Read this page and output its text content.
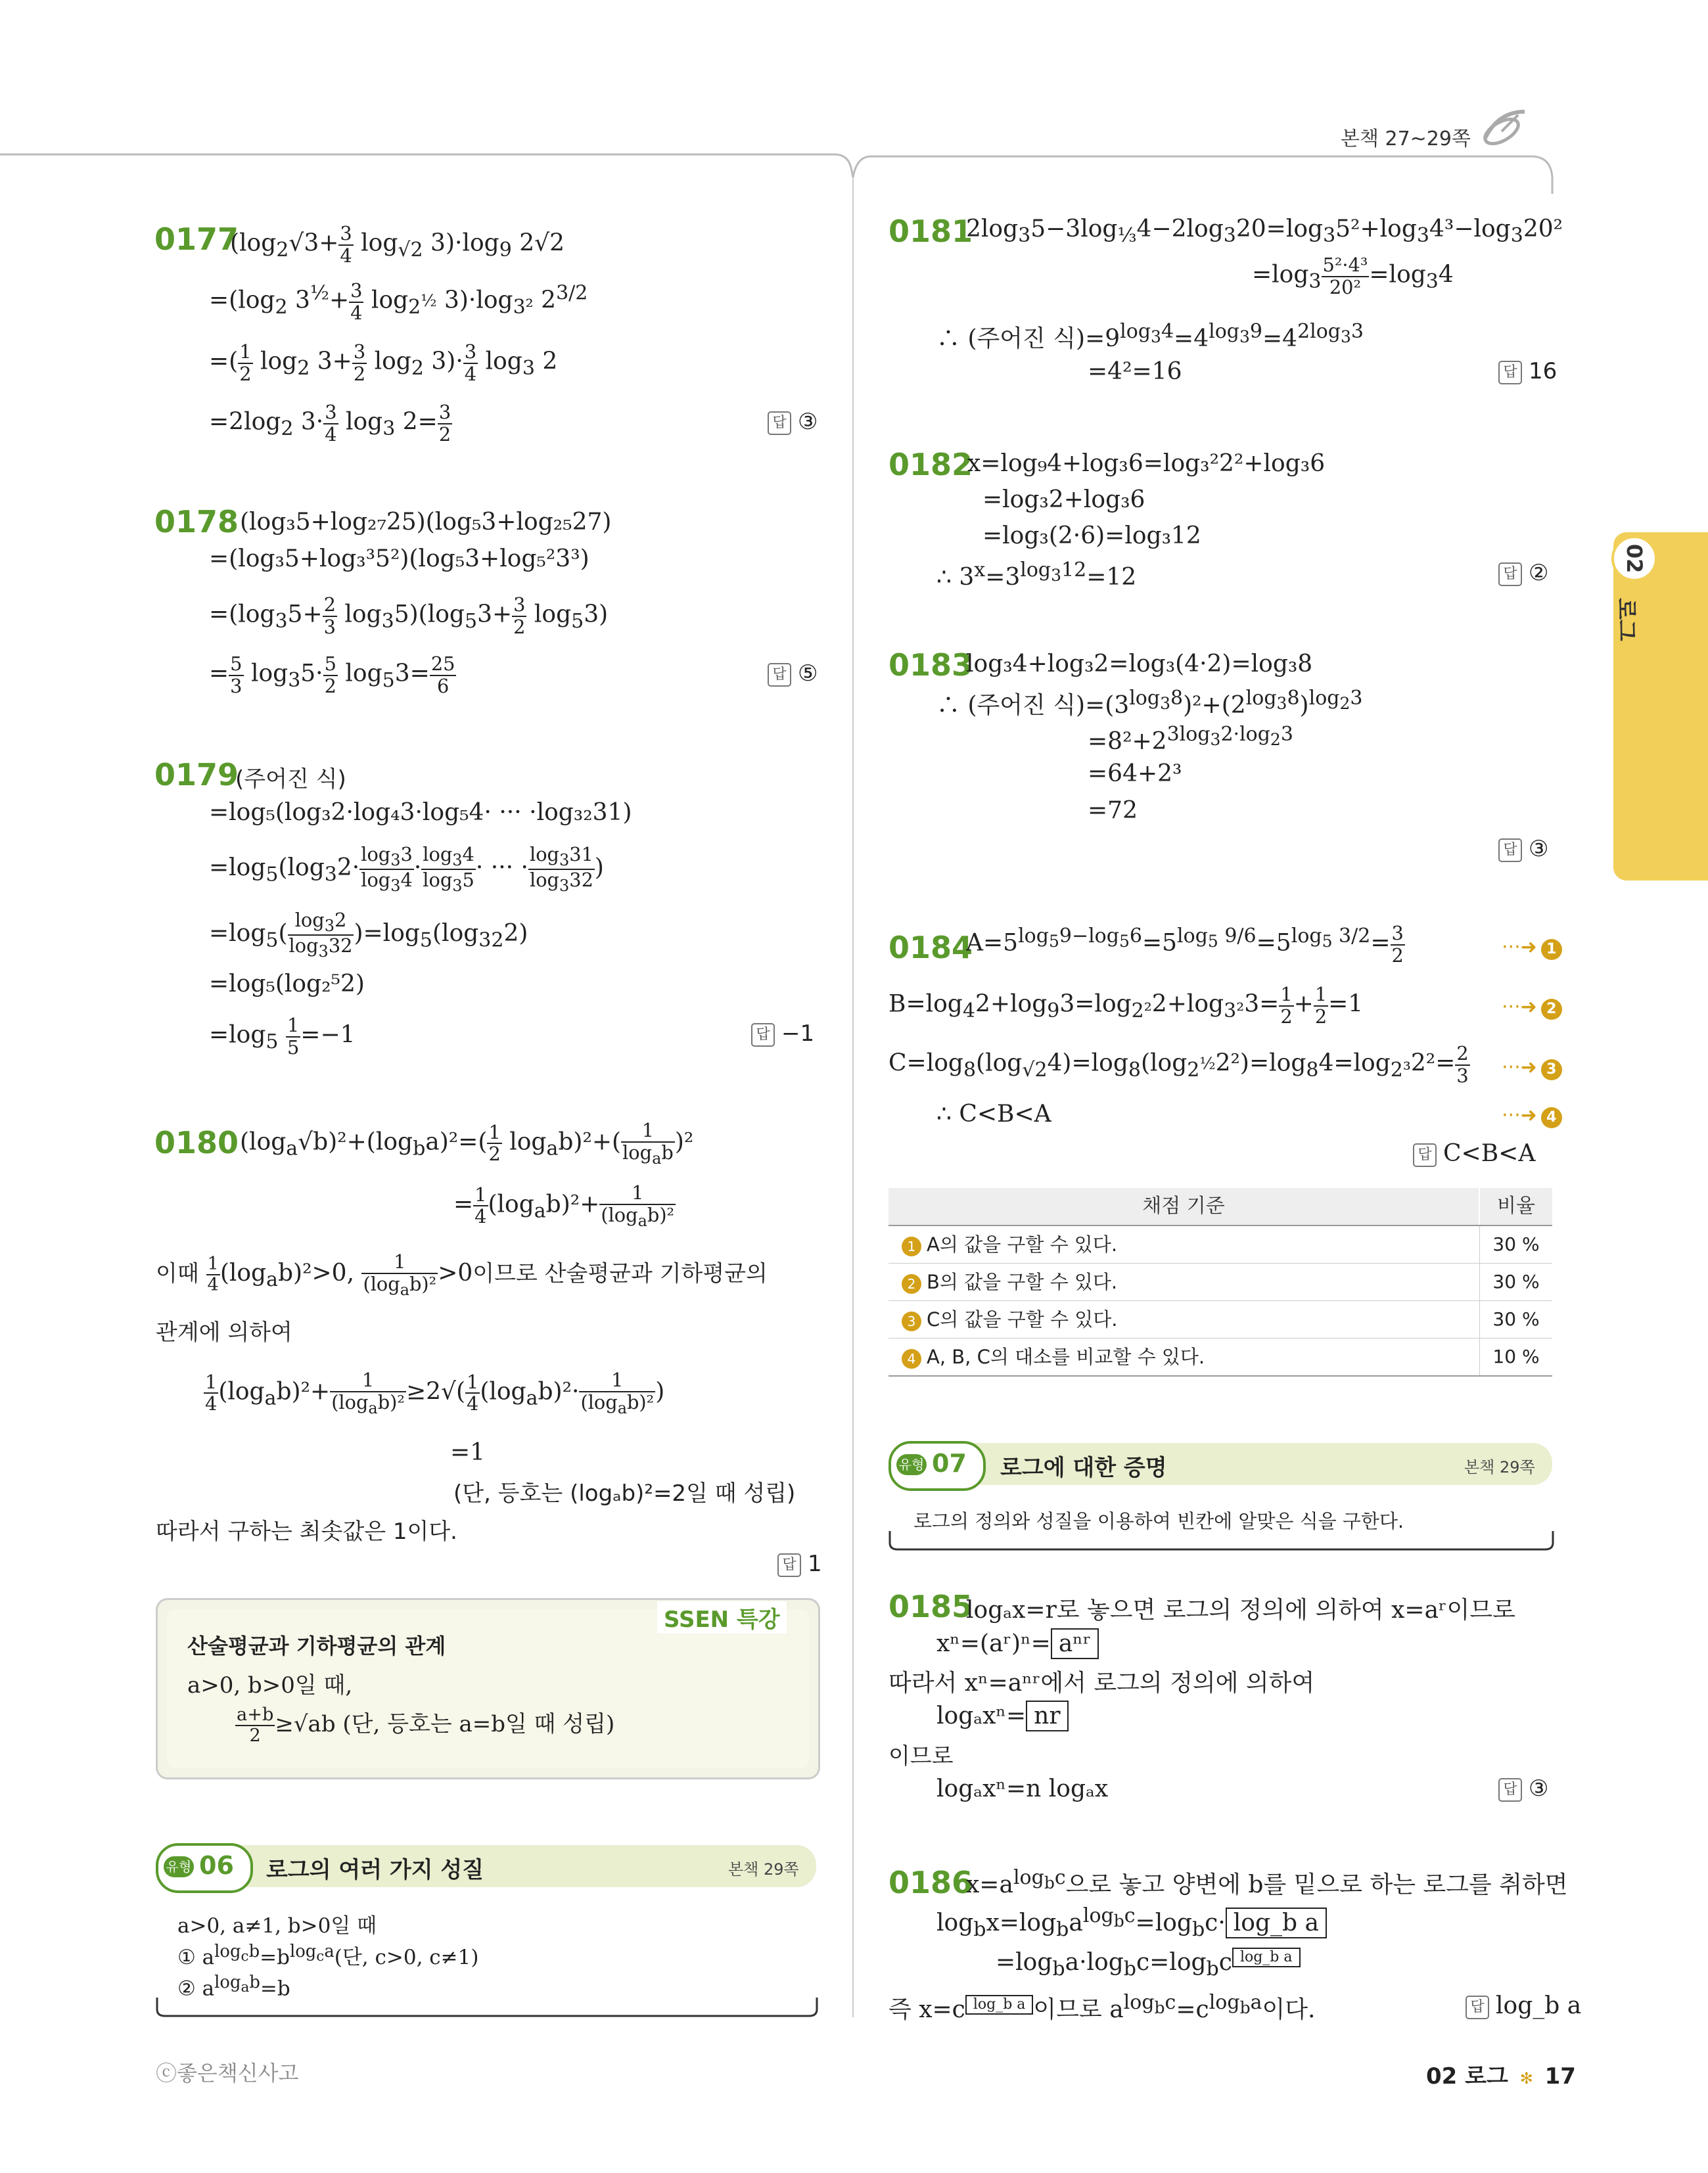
본책 27~29쪽
02
로그
0177
$(\log_2√3+ \frac{3}{4} \log_{√2} 3)\cdot\log_9$ 2√2
$=(\log_2$ $3^{\frac{1}{2}}+ \frac{3}{4} \log_{2^{\frac{1}{2}}} 3)\cdot\log_{3^2}$ $2^{3/2}$
=( $\frac{1}{2} \log_2 3+ \frac{3}{2} \log_2 3)\cdot \frac{3}{4} \log_3 2$
$=2\log_2$ $3\cdot \frac{3}{4} \log_3 2= \frac{3}{2}$	답 ③
0178 (log₃5+log₂₇25)(log₅3+log₂₅27)
=(log₃5+log₃³5²)(log₅3+log₅²3³)
$=(\log_35+ \frac{2}{3} \log_35)(\log_53+ \frac{3}{2} \log_53)$
= $\frac{5}{3} \log_35\cdot \frac{5}{2} \log_53= \frac{25}{6}$	답 ⑤
0179
(주어진 식)
=log₅(log₃2·log₄3·log₅4· ··· ·log₃₂31)
$=\log_5(\log_32\cdot \frac{\log_33}{\log_34} \cdot \frac{\log_34}{\log_35}$ · ··· · $\frac{\log_331}{\log_332}$ )
$=\log_5( \frac{\log_32}{\log_332} )=\log_5(\log_{32}2)$
=log₅(log₂⁵2)
$=\log_5 \frac{1}{5} =-1$	답 −1
0180 $(\log_a√b)^2+(\log_ba)^2=( \frac{1}{2} \log_ab)^2+( \frac{1}{\log_ab} )^2$
= $\frac{1}{4} (\log_ab)^2+ \frac{1}{(\log_ab)^2}$
이때 $\frac{1}{4} (\log_ab)^2>0$, $\frac{1}{(\log_ab)^2} >0$이므로 산술평균과 기하평균의
관계에 의하여
$\frac{1}{4} (\log_ab)^2+ \frac{1}{(\log_ab)^2} \ge 2√( \frac{1}{4} (\log_ab)^2\cdot \frac{1}{(\log_ab)^2}$ )
=1
(단, 등호는 (logₐb)²=2일 때 성립)
따라서 구하는 최솟값은 1이다.
답 1
SSEN 특강
산술평균과 기하평균의 관계
a>0, b>0일 때,
$\frac{a+b}{2} \ge√ab$ (단, 등호는 a=b일 때 성립)
유형 06 로그의 여러 가지 성질	본책 29쪽
a>0, a≠1, b>0일 때
① $a^{log_cb}=b^{log_ca}$(단, c>0, c≠1)
② $a^{log_ab}=b$
0181
$2\log_35-3\log_{\frac{1}{3}}4-2\log_320=\log_35^2+\log_34^3-\log_320^2$
$=\log_3 \frac{\text{5²·4³}}{\text{20²}} =\log_34$
∴ (주어진 식)$=9^{log_34}=4^{log_39}=4^{2log_33}$
=4²=16	답 16
0182
x=log₉4+log₃6=log₃²2²+log₃6
=log₃2+log₃6
=log₃(2·6)=log₃12
∴ $3^x=3^{log_312}=12$	답 ②
0183
log₃4+log₃2=log₃(4·2)=log₃8
∴ (주어진 식)$=(3^{log_38})^2+(2^{log_38})^{log_23}$
$=8^2+2^{3log_32\cdot log_23}$
=64+2³
=72
답 ③
0184
$A=5^{log_59-log_56}=5^{log_5 9/6}=5^{log_5 3/2}= \frac{3}{2}$	···➜ 1
$B=\log_42+\log_93=\log_{2^2}2+\log_{3^2}3= \frac{1}{2} + \frac{1}{2} =1$	···➜ 2
$C=\log_8(\log_{√2}4)=\log_8(\log_{2^{\frac{1}{2}}}2^2)=\log_84=\log_{2^3}2^2= \frac{2}{3}$ ···➜ 3
∴ C<B<A	···➜ 4
답 C<B<A
채점 기준	비율
1 A의 값을 구할 수 있다.	30 %
2 B의 값을 구할 수 있다.	30 %
3 C의 값을 구할 수 있다.	30 %
4 A, B, C의 대소를 비교할 수 있다.	10 %
유형 07 로그에 대한 증명	본책 29쪽
로그의 정의와 성질을 이용하여 빈칸에 알맞은 식을 구한다.
0185
logₐx=r로 놓으면 로그의 정의에 의하여 x=aʳ이므로
xⁿ=(aʳ)ⁿ= aⁿʳ
따라서 xⁿ=aⁿʳ에서 로그의 정의에 의하여
logₐxⁿ= nr
이므로
logₐxⁿ=n logₐx	답 ③
0186
$x=a^{log_bc}$으로 놓고 양변에 b를 밑으로 하는 로그를 취하면
$\log_bx=\log_ba^{log_bc}=\log_bc\cdot$ log_b a
$=\log_ba\cdot\log_bc=\log_bc$ $^{log\_b a}$
즉 x=c $^{log\_b a}$ 이므로 $a^{log_bc}=c^{log_ba}$이다.	답 log_b a
ⓒ좋은책신사고	02 로그 ✻ 17
